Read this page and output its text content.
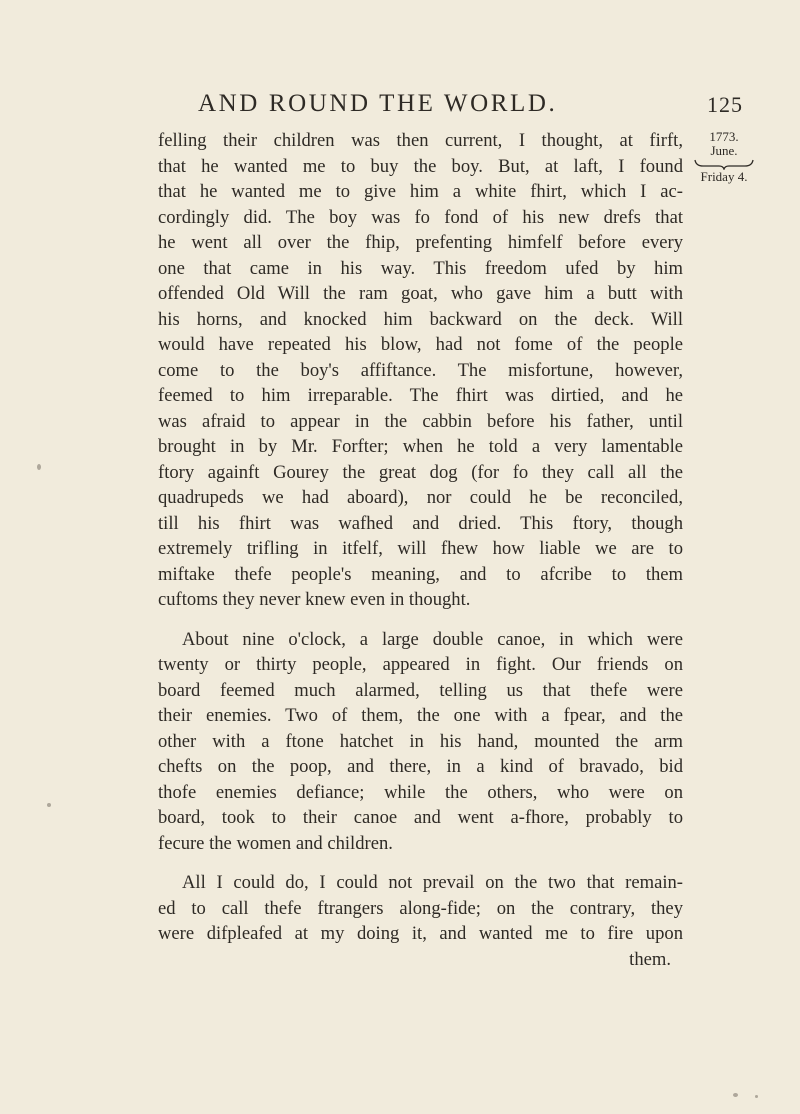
AND ROUND THE WORLD.	125
1773.
June.
Friday 4.

felling their children was then current, I thought, at firft,
that he wanted me to buy the boy. But, at laft, I found
that he wanted me to give him a white fhirt, which I ac-
cordingly did. The boy was fo fond of his new drefs that
he went all over the fhip, prefenting himfelf before every
one that came in his way. This freedom ufed by him
offended Old Will the ram goat, who gave him a butt with
his horns, and knocked him backward on the deck. Will
would have repeated his blow, had not fome of the people
come to the boy's affiftance. The misfortune, however,
feemed to him irreparable. The fhirt was dirtied, and he
was afraid to appear in the cabbin before his father, until
brought in by Mr. Forfter; when he told a very lamentable
ftory againft Gourey the great dog (for fo they call all the
quadrupeds we had aboard), nor could he be reconciled,
till his fhirt was wafhed and dried. This ftory, though
extremely trifling in itfelf, will fhew how liable we are to
miftake thefe people's meaning, and to afcribe to them
cuftoms they never knew even in thought.

About nine o'clock, a large double canoe, in which were
twenty or thirty people, appeared in fight. Our friends on
board feemed much alarmed, telling us that thefe were
their enemies. Two of them, the one with a fpear, and the
other with a ftone hatchet in his hand, mounted the arm
chefts on the poop, and there, in a kind of bravado, bid
thofe enemies defiance; while the others, who were on
board, took to their canoe and went a-fhore, probably to
fecure the women and children.

All I could do, I could not prevail on the two that remain-
ed to call thefe ftrangers along-fide; on the contrary, they
were difpleafed at my doing it, and wanted me to fire upon
them.
